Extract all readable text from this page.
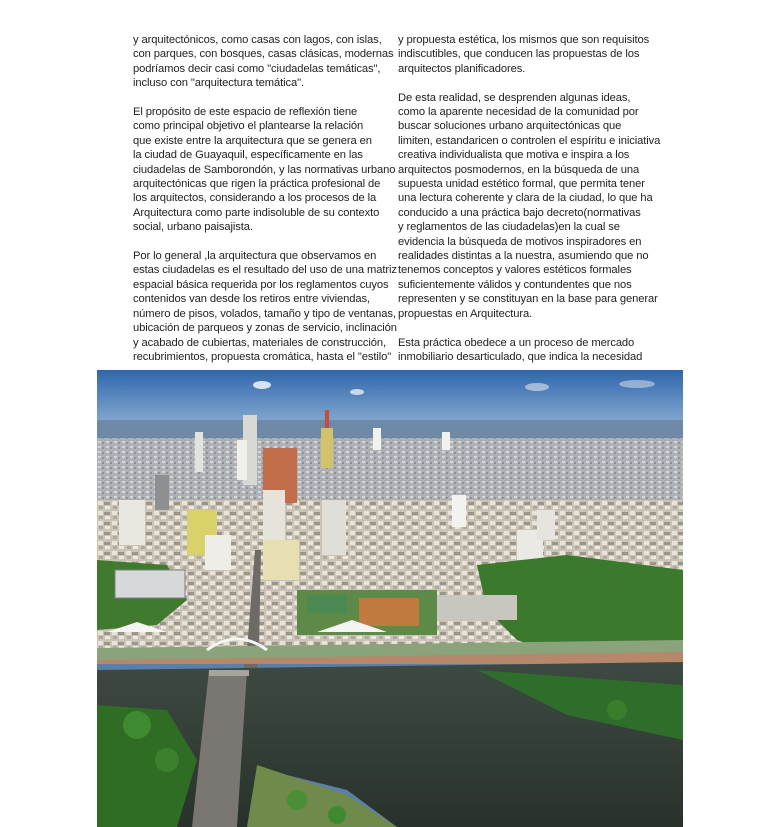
y arquitectónicos, como casas con lagos, con islas,
con parques, con bosques, casas clásicas, modernas
podríamos decir casi como "ciudadelas temáticas",
incluso con "arquitectura temática".

El propósito de este espacio de reflexión tiene
como principal objetivo el plantearse la relación
que existe entre la arquitectura que se genera en
la ciudad de Guayaquil, específicamente en las
ciudadelas de Samborondón, y las normativas urbano
arquitectónicas que rigen la práctica profesional de
los arquitectos, considerando a los procesos de la
Arquitectura como parte indisoluble de su contexto
social, urbano paisajista.

Por lo general ,la arquitectura que observamos en
estas ciudadelas es el resultado del uso de una matriz
espacial básica requerida por los reglamentos cuyos
contenidos van desde los retiros entre viviendas,
número de pisos, volados, tamaño y tipo de ventanas,
ubicación de parqueos y zonas de servicio, inclinación
y acabado de cubiertas, materiales de construcción,
recubrimientos, propuesta cromática, hasta el "estilo"

y propuesta estética, los mismos que son requisitos
indiscutibles, que conducen las propuestas de los
arquitectos planificadores.

De esta realidad, se desprenden algunas ideas,
como la aparente necesidad de la comunidad por
buscar soluciones urbano arquitectónicas que
limiten, estandaricen o controlen el espíritu e iniciativa
creativa individualista que motiva e inspira a los
arquitectos posmodernos, en la búsqueda de una
supuesta unidad estético formal, que permita tener
una lectura coherente y clara de la ciudad, lo que ha
conducido a una práctica bajo decreto(normativas
y reglamentos de las ciudadelas)en la cual se
evidencia la búsqueda de motivos inspiradores en
realidades distintas a la nuestra, asumiendo que no
tenemos conceptos y valores estéticos formales
suficientemente válidos y contundentes que nos
representen y se constituyan en la base para generar
propuestas en Arquitectura.

Esta práctica obedece a un proceso de mercado
inmobiliario desarticulado, que indica la necesidad
